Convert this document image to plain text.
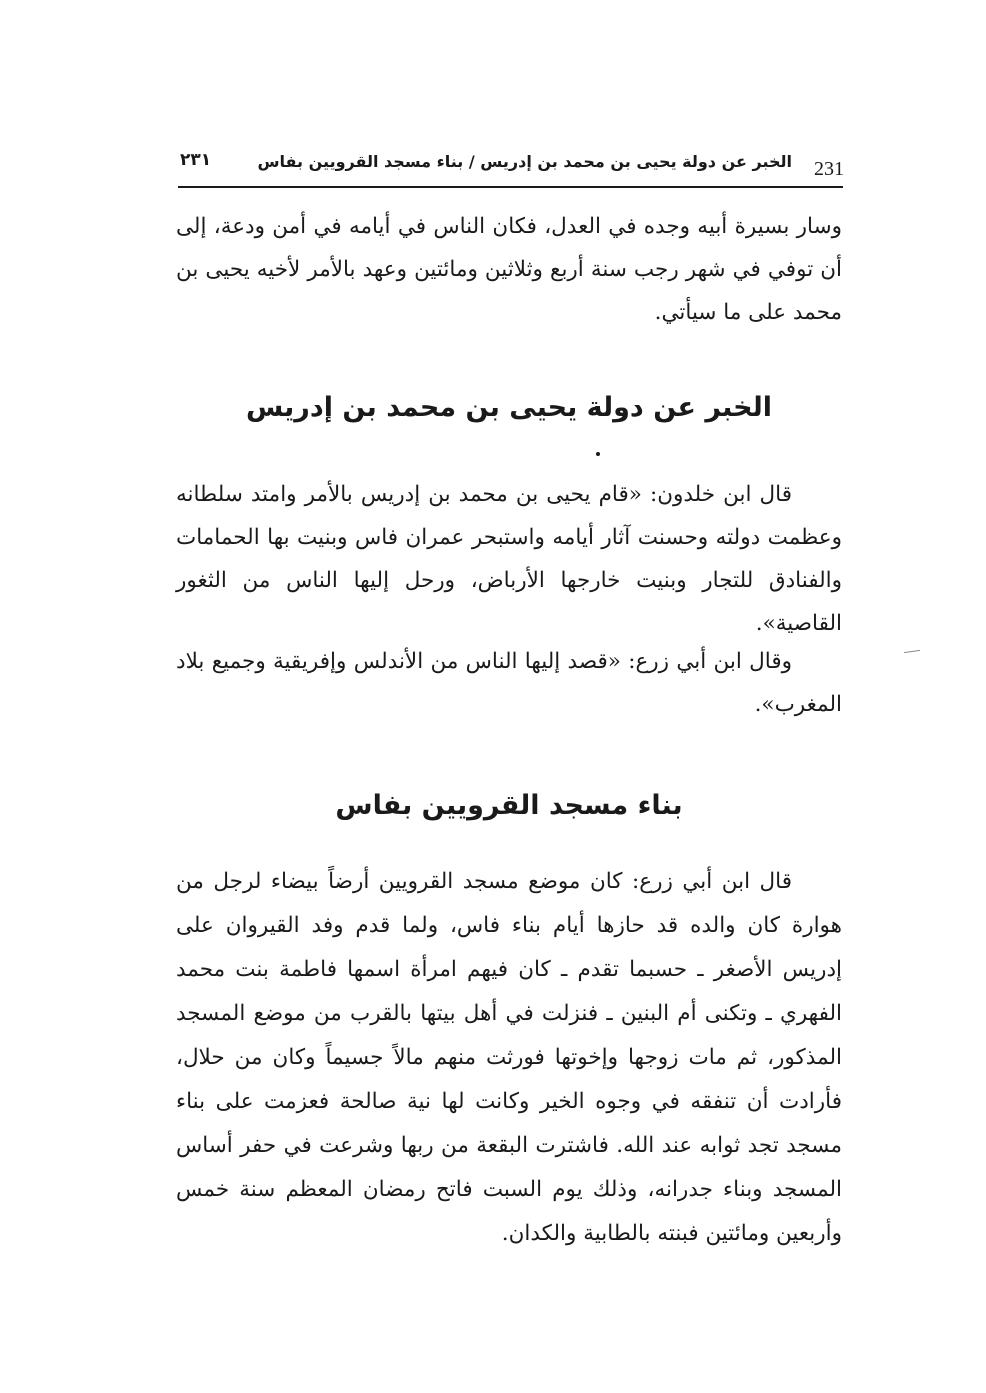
231
الخبر عن دولة يحيى بن محمد بن إدريس / بناء مسجد القرويين بفاس
٢٣١

وسار بسيرة أبيه وجده في العدل، فكان الناس في أيامه في أمن ودعة، إلى أن توفي في شهر رجب سنة أربع وثلاثين ومائتين وعهد بالأمر لأخيه يحيى بن محمد على ما سيأتي.

الخبر عن دولة يحيى بن محمد بن إدريس

قال ابن خلدون: «قام يحيى بن محمد بن إدريس بالأمر وامتد سلطانه وعظمت دولته وحسنت آثار أيامه واستبحر عمران فاس وبنيت بها الحمامات والفنادق للتجار وبنيت خارجها الأرباض، ورحل إليها الناس من الثغور القاصية».

وقال ابن أبي زرع: «قصد إليها الناس من الأندلس وإفريقية وجميع بلاد المغرب».

بناء مسجد القرويين بفاس

قال ابن أبي زرع: كان موضع مسجد القرويين أرضاً بيضاء لرجل من هوارة كان والده قد حازها أيام بناء فاس، ولما قدم وفد القيروان على إدريس الأصغر ـ حسبما تقدم ـ كان فيهم امرأة اسمها فاطمة بنت محمد الفهري ـ وتكنى أم البنين ـ فنزلت في أهل بيتها بالقرب من موضع المسجد المذكور، ثم مات زوجها وإخوتها فورثت منهم مالاً جسيماً وكان من حلال، فأرادت أن تنفقه في وجوه الخير وكانت لها نية صالحة فعزمت على بناء مسجد تجد ثوابه عند الله. فاشترت البقعة من ربها وشرعت في حفر أساس المسجد وبناء جدرانه، وذلك يوم السبت فاتح رمضان المعظم سنة خمس وأربعين ومائتين فبنته بالطابية والكدان.
